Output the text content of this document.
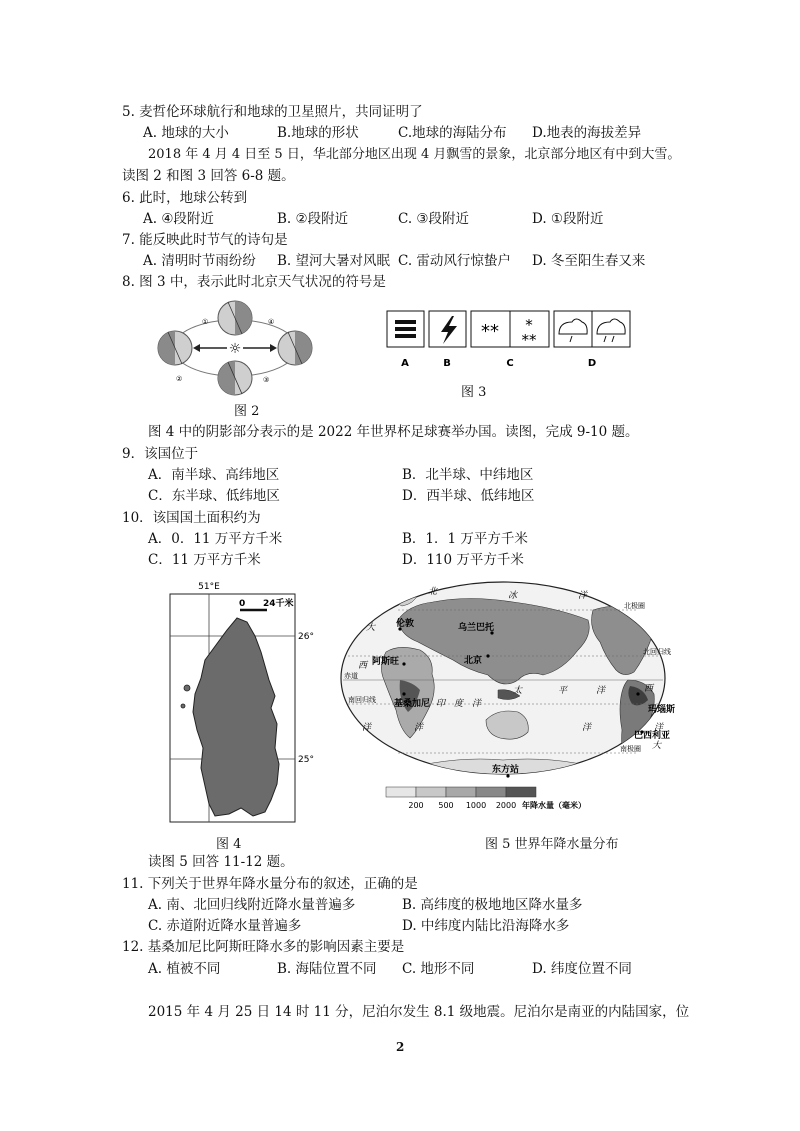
5. 麦哲伦环球航行和地球的卫星照片，共同证明了
A. 地球的大小	B.地球的形状	C.地球的海陆分布 D.地表的海拔差异
2018 年 4 月 4 日至 5 日，华北部分地区出现 4 月飘雪的景象，北京部分地区有中到大雪。
读图 2 和图 3 回答 6-8 题。
6. 此时，地球公转到
A. ④段附近	B. ②段附近	C. ③段附近	D. ①段附近
7. 能反映此时节气的诗句是
A. 清明时节雨纷纷 B. 望河大暑对风眠 C. 雷动风行惊蛰户 D. 冬至阳生春又来
8. 图 3 中，表示此时北京天气状况的符号是
☼
①
②	③
④
图 2
** *
**
A	B	C	D
图 3
图 4 中的阴影部分表示的是 2022 年世界杯足球赛举办国。读图，完成 9-10 题。
9．该国位于
A．南半球、高纬地区	B．北半球、中纬地区
C．东半球、低纬地区	D．西半球、低纬地区
10．该国国土面积约为
A．0．11 万平方千米	B．1．1 万平方千米
C．11 万平方千米	D．110 万平方千米
51°E
26°
25°
0 24千米
图 4
北极圈
北回归线
赤道
南回归线
南极圈
北	冰	洋
大
西
洋
太	平	洋
印 度 洋
西
洋
大
洋	洋
伦敦	乌兰巴托
北京
阿斯旺
基桑加尼
玛瑙斯
巴西利亚
东方站
200 500 1000 2000 年降水量（毫米）
图 5 世界年降水量分布
读图 5 回答 11-12 题。
11. 下列关于世界年降水量分布的叙述，正确的是
A. 南、北回归线附近降水量普遍多	B. 高纬度的极地地区降水量多
C. 赤道附近降水量普遍多	D. 中纬度内陆比沿海降水多
12. 基桑加尼比阿斯旺降水多的影响因素主要是
A. 植被不同	B. 海陆位置不同 C. 地形不同	D. 纬度位置不同
2015 年 4 月 25 日 14 时 11 分，尼泊尔发生 8.1 级地震。尼泊尔是南亚的内陆国家，位
2
